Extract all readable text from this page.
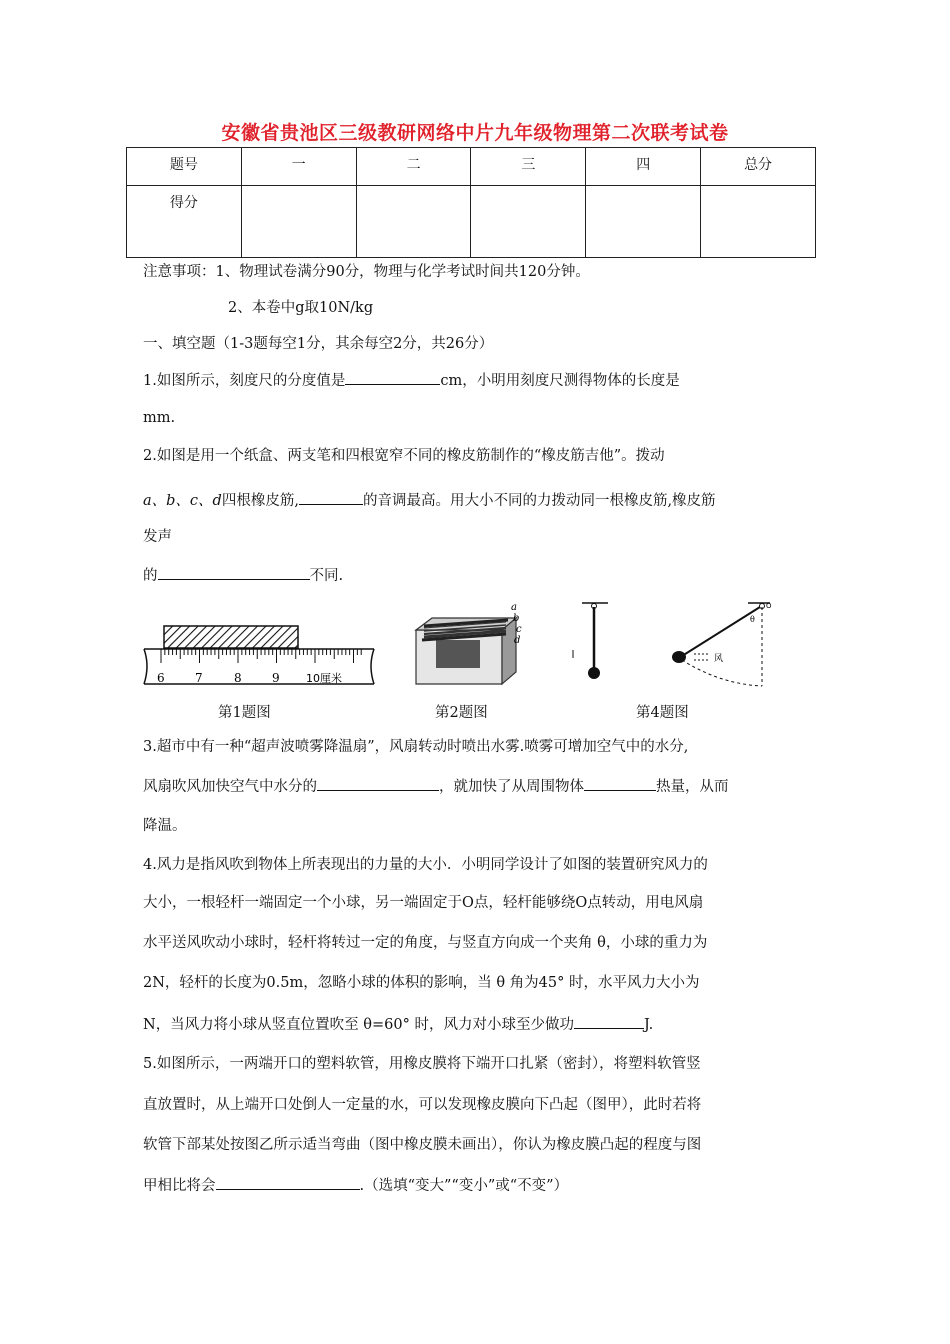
安徽省贵池区三级教研网络中片九年级物理第二次联考试卷
题号	一	二	三	四	总分
得分					
注意事项：1、物理试卷满分90分，物理与化学考试时间共120分钟。
2、本卷中g取10N/kg
一、填空题（1-3题每空1分，其余每空2分，共26分）
1.如图所示，刻度尺的分度值是	cm，小明用刻度尺测得物体的长度是
mm.
2.如图是用一个纸盒、两支笔和四根宽窄不同的橡皮筋制作的“橡皮筋吉他”。拨动
a、b、c、d四根橡皮筋,	的音调最高。用大小不同的力拨动同一根橡皮筋,橡皮筋
发声
的	不同.
6	7	8	9 10厘米
a
b
c
d
O
θ
风
第1题图	第2题图	第4题图
3.超市中有一种“超声波喷雾降温扇”，风扇转动时喷出水雾.喷雾可增加空气中的水分,
风扇吹风加快空气中水分的	，就加快了从周围物体	热量，从而
降温。
4.风力是指风吹到物体上所表现出的力量的大小．小明同学设计了如图的装置研究风力的
大小，一根轻杆一端固定一个小球，另一端固定于O点，轻杆能够绕O点转动，用电风扇
水平送风吹动小球时，轻杆将转过一定的角度，与竖直方向成一个夹角 θ，小球的重力为
2N，轻杆的长度为0.5m，忽略小球的体积的影响，当 θ 角为45° 时，水平风力大小为
N，当风力将小球从竖直位置吹至 θ=60° 时，风力对小球至少做功	J.
5.如图所示，一两端开口的塑料软管，用橡皮膜将下端开口扎紧（密封），将塑料软管竖
直放置时，从上端开口处倒人一定量的水，可以发现橡皮膜向下凸起（图甲），此时若将
软管下部某处按图乙所示适当弯曲（图中橡皮膜未画出），你认为橡皮膜凸起的程度与图
甲相比将会	.（选填“变大”“变小”或“不变”）
